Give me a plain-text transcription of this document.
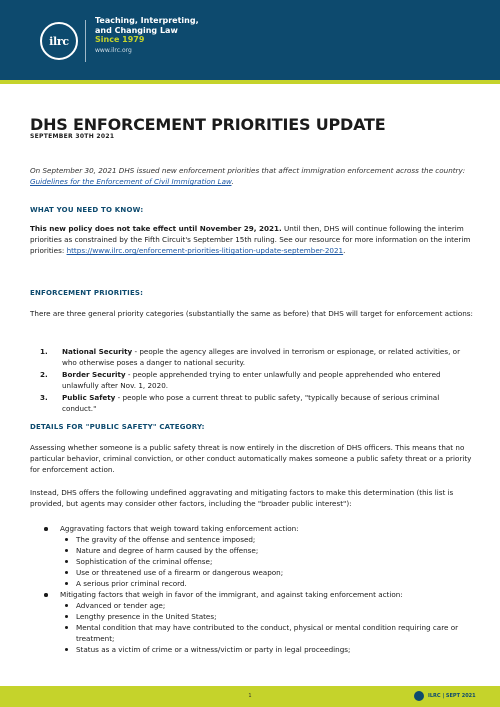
ilrc
Teaching, Interpreting,
and Changing Law
Since 1979
www.ilrc.org
DHS ENFORCEMENT PRIORITIES UPDATE
SEPTEMBER 30TH 2021
On September 30, 2021 DHS issued new enforcement priorities that affect immigration enforcement across the country: Guidelines for the Enforcement of Civil Immigration Law.
WHAT YOU NEED TO KNOW:
This new policy does not take effect until November 29, 2021. Until then, DHS will continue following the interim priorities as constrained by the Fifth Circuit's September 15th ruling. See our resource for more information on the interim priorities: https://www.ilrc.org/enforcement-priorities-litigation-update-september-2021.
ENFORCEMENT PRIORITIES:
There are three general priority categories (substantially the same as before) that DHS will target for enforcement actions:
1. National Security - people the agency alleges are involved in terrorism or espionage, or related activities, or who otherwise poses a danger to national security.
2. Border Security - people apprehended trying to enter unlawfully and people apprehended who entered unlawfully after Nov. 1, 2020.
3. Public Safety - people who pose a current threat to public safety, "typically because of serious criminal conduct."
DETAILS FOR "PUBLIC SAFETY" CATEGORY:
Assessing whether someone is a public safety threat is now entirely in the discretion of DHS officers. This means that no particular behavior, criminal conviction, or other conduct automatically makes someone a public safety threat or a priority for enforcement action.
Instead, DHS offers the following undefined aggravating and mitigating factors to make this determination (this list is provided, but agents may consider other factors, including the "broader public interest"):
Aggravating factors that weigh toward taking enforcement action:
The gravity of the offense and sentence imposed;
Nature and degree of harm caused by the offense;
Sophistication of the criminal offense;
Use or threatened use of a firearm or dangerous weapon;
A serious prior criminal record.
Mitigating factors that weigh in favor of the immigrant, and against taking enforcement action:
Advanced or tender age;
Lengthy presence in the United States;
Mental condition that may have contributed to the conduct, physical or mental condition requiring care or treatment;
Status as a victim of crime or a witness/victim or party in legal proceedings;
1	ILRC | SEPT 2021
